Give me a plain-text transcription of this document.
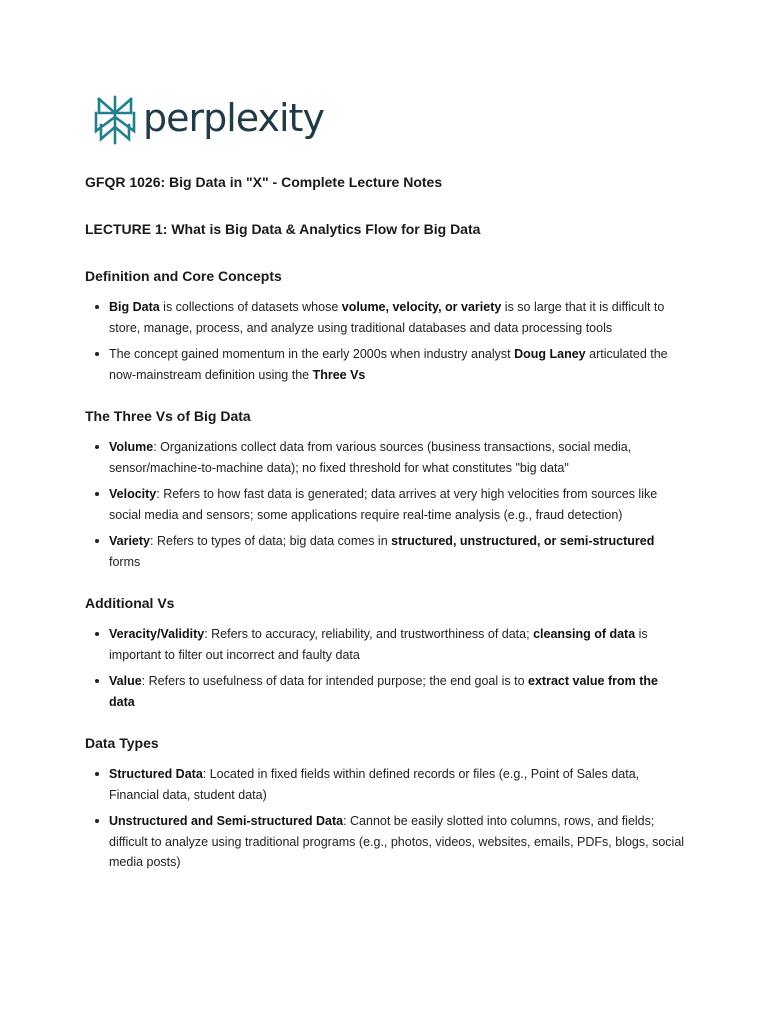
perplexity
GFQR 1026: Big Data in "X" - Complete Lecture Notes
LECTURE 1: What is Big Data & Analytics Flow for Big Data
Definition and Core Concepts
Big Data is collections of datasets whose volume, velocity, or variety is so large that it is difficult to store, manage, process, and analyze using traditional databases and data processing tools
The concept gained momentum in the early 2000s when industry analyst Doug Laney articulated the now-mainstream definition using the Three Vs
The Three Vs of Big Data
Volume: Organizations collect data from various sources (business transactions, social media, sensor/machine-to-machine data); no fixed threshold for what constitutes "big data"
Velocity: Refers to how fast data is generated; data arrives at very high velocities from sources like social media and sensors; some applications require real-time analysis (e.g., fraud detection)
Variety: Refers to types of data; big data comes in structured, unstructured, or semi-structured forms
Additional Vs
Veracity/Validity: Refers to accuracy, reliability, and trustworthiness of data; cleansing of data is important to filter out incorrect and faulty data
Value: Refers to usefulness of data for intended purpose; the end goal is to extract value from the data
Data Types
Structured Data: Located in fixed fields within defined records or files (e.g., Point of Sales data, Financial data, student data)
Unstructured and Semi-structured Data: Cannot be easily slotted into columns, rows, and fields; difficult to analyze using traditional programs (e.g., photos, videos, websites, emails, PDFs, blogs, social media posts)
